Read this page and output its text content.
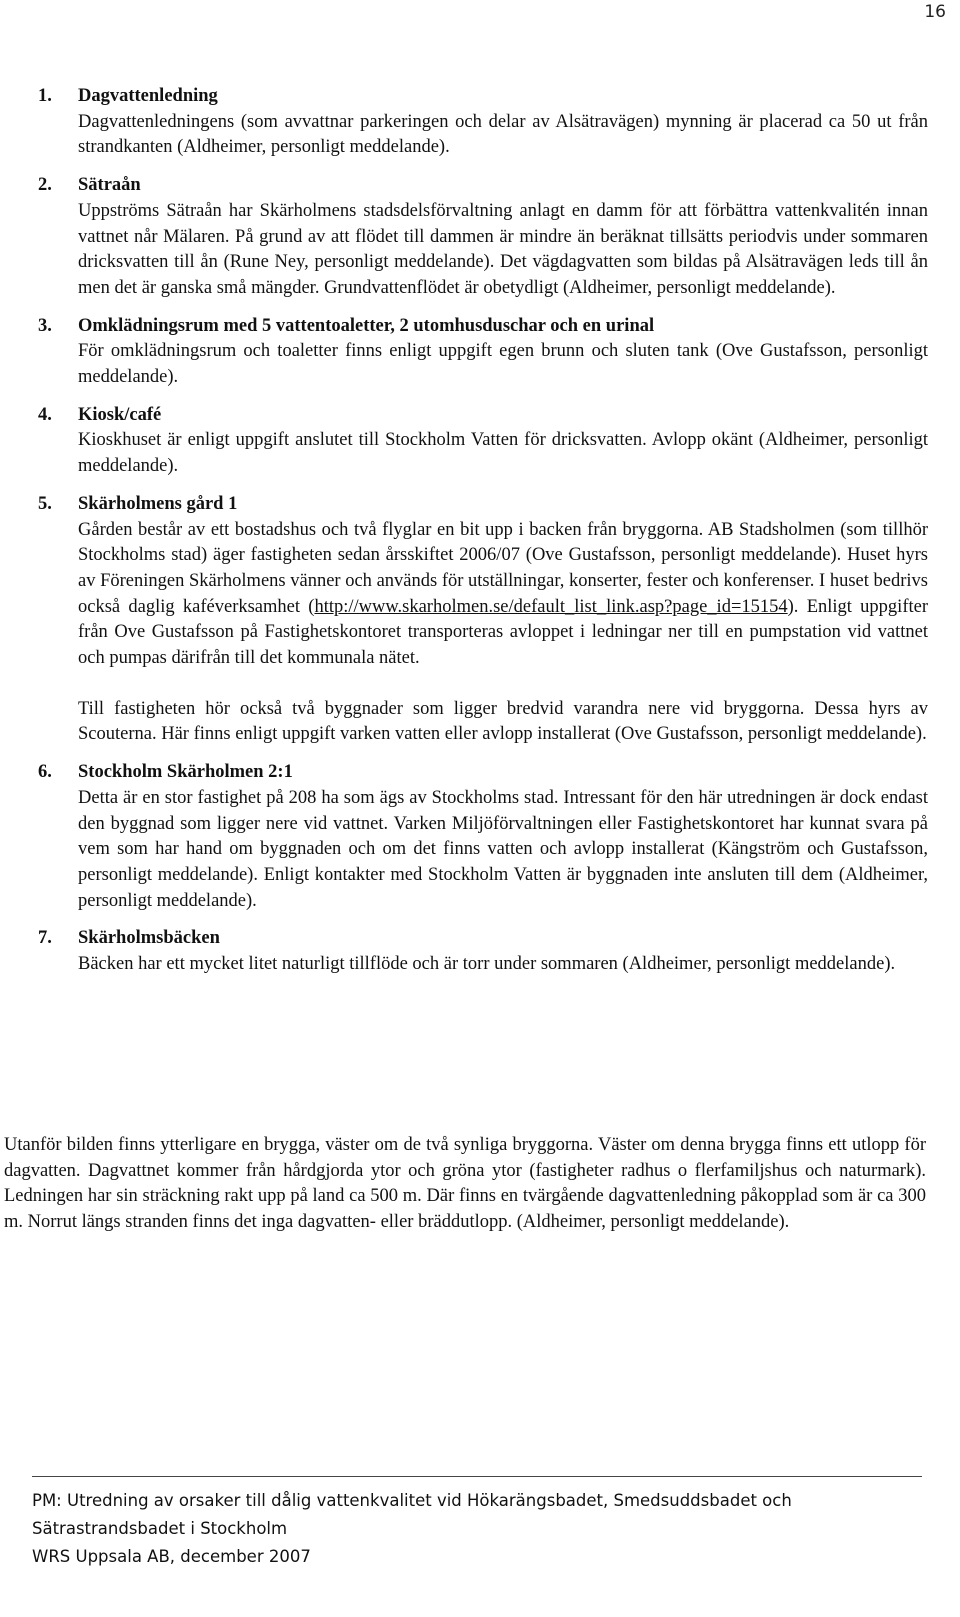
16
1. Dagvattenledning
Dagvattenledningens (som avvattnar parkeringen och delar av Alsätravägen) mynning är placerad ca 50 ut från strandkanten (Aldheimer, personligt meddelande).
2. Sätraån
Uppströms Sätraån har Skärholmens stadsdelsförvaltning anlagt en damm för att förbättra vattenkvalitén innan vattnet når Mälaren. På grund av att flödet till dammen är mindre än beräknat tillsätts periodvis under sommaren dricksvatten till ån (Rune Ney, personligt meddelande). Det vägdagvatten som bildas på Alsätravägen leds till ån men det är ganska små mängder. Grundvattenflödet är obetydligt (Aldheimer, personligt meddelande).
3. Omklädningsrum med 5 vattentoaletter, 2 utomhusduschar och en urinal
För omklädningsrum och toaletter finns enligt uppgift egen brunn och sluten tank (Ove Gustafsson, personligt meddelande).
4. Kiosk/café
Kioskhuset är enligt uppgift anslutet till Stockholm Vatten för dricksvatten. Avlopp okänt (Aldheimer, personligt meddelande).
5. Skärholmens gård 1
Gården består av ett bostadshus och två flyglar en bit upp i backen från bryggorna. AB Stadsholmen (som tillhör Stockholms stad) äger fastigheten sedan årsskiftet 2006/07 (Ove Gustafsson, personligt meddelande). Huset hyrs av Föreningen Skärholmens vänner och används för utställningar, konserter, fester och konferenser. I huset bedrivs också daglig kaféverksamhet (http://www.skarholmen.se/default_list_link.asp?page_id=15154). Enligt uppgifter från Ove Gustafsson på Fastighetskontoret transporteras avloppet i ledningar ner till en pumpstation vid vattnet och pumpas därifrån till det kommunala nätet.
Till fastigheten hör också två byggnader som ligger bredvid varandra nere vid bryggorna. Dessa hyrs av Scouterna. Här finns enligt uppgift varken vatten eller avlopp installerat (Ove Gustafsson, personligt meddelande).
6. Stockholm Skärholmen 2:1
Detta är en stor fastighet på 208 ha som ägs av Stockholms stad. Intressant för den här utredningen är dock endast den byggnad som ligger nere vid vattnet. Varken Miljöförvaltningen eller Fastighetskontoret har kunnat svara på vem som har hand om byggnaden och om det finns vatten och avlopp installerat (Kängström och Gustafsson, personligt meddelande). Enligt kontakter med Stockholm Vatten är byggnaden inte ansluten till dem (Aldheimer, personligt meddelande).
7. Skärholmsbäcken
Bäcken har ett mycket litet naturligt tillflöde och är torr under sommaren (Aldheimer, personligt meddelande).

Utanför bilden finns ytterligare en brygga, väster om de två synliga bryggorna. Väster om denna brygga finns ett utlopp för dagvatten. Dagvattnet kommer från hårdgjorda ytor och gröna ytor (fastigheter radhus o flerfamiljshus och naturmark). Ledningen har sin sträckning rakt upp på land ca 500 m. Där finns en tvärgående dagvattenledning påkopplad som är ca 300 m. Norrut längs stranden finns det inga dagvatten- eller bräddutlopp. (Aldheimer, personligt meddelande).

PM: Utredning av orsaker till dålig vattenkvalitet vid Hökarängsbadet, Smedsuddsbadet och
Sätrastrandsbadet i Stockholm
WRS Uppsala AB, december 2007
